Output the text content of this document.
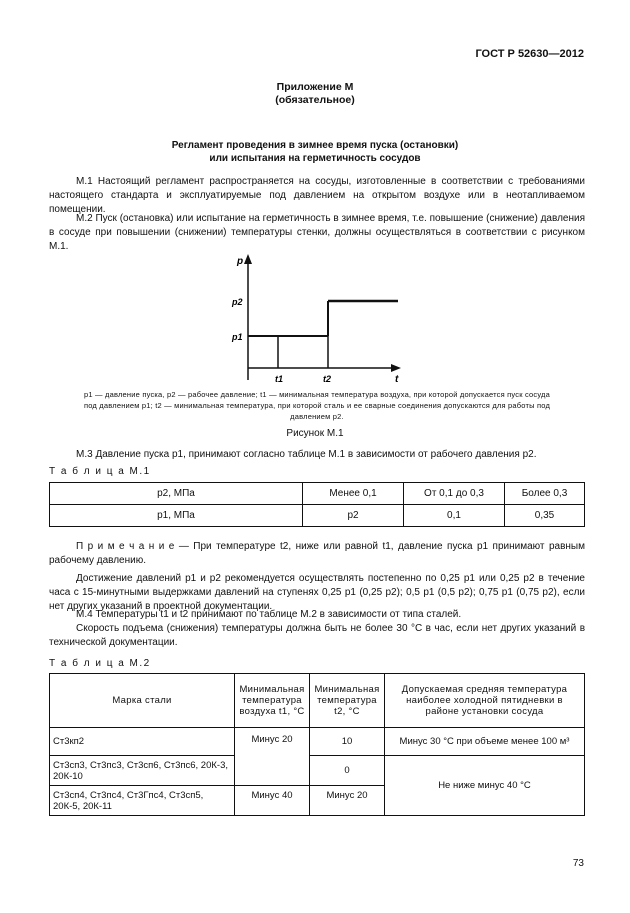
ГОСТ Р 52630—2012
Приложение М
(обязательное)
Регламент проведения в зимнее время пуска (остановки)
или испытания на герметичность сосудов
М.1 Настоящий регламент распространяется на сосуды, изготовленные в соответствии с требованиями настоящего стандарта и эксплуатируемые под давлением на открытом воздухе или в неотапливаемом помещении.
М.2 Пуск (остановка) или испытание на герметичность в зимнее время, т.е. повышение (снижение) давления в сосуде при повышении (снижении) температуры стенки, должны осуществляться в соответствии с рисунком М.1.
p
t
p2
p1
t1	t2
p1 — давление пуска, p2 — рабочее давление; t1 — минимальная температура воздуха, при которой допускается пуск сосуда
под давлением p1; t2 — минимальная температура, при которой сталь и ее сварные соединения допускаются для работы под
давлением p2.
Рисунок М.1
М.3 Давление пуска p1, принимают согласно таблице М.1 в зависимости от рабочего давления p2.
Т а б л и ц а М.1
p2, МПа	Менее 0,1	От 0,1 до 0,3	Более 0,3
p1, МПа	p2	0,1	0,35
П р и м е ч а н и е — При температуре t2, ниже или равной t1, давление пуска p1 принимают равным рабочему давлению.
Достижение давлений p1 и p2 рекомендуется осуществлять постепенно по 0,25 p1 или 0,25 p2 в течение часа с 15-минутными выдержками давлений на ступенях 0,25 p1 (0,25 p2); 0,5 p1 (0,5 p2); 0,75 p1 (0,75 p2), если нет других указаний в проектной документации.
М.4 Температуры t1 и t2 принимают по таблице М.2 в зависимости от типа сталей.
Скорость подъема (снижения) температуры должна быть не более 30 °С в час, если нет других указаний в технической документации.
Т а б л и ц а М.2
Марка стали	Минимальная температура воздуха t1, °С	Минимальная температура t2, °С	Допускаемая средняя температура наиболее холодной пятидневки в районе установки сосуда
Ст3кп2	Минус 20	10	Минус 30 °С при объеме менее 100 м³
Ст3сп3, Ст3пс3, Ст3сп6, Ст3пс6, 20К-3, 20К-10		0	Не ниже минус 40 °С
Ст3сп4, Ст3пс4, Ст3Гпс4, Ст3сп5, 20К-5, 20К-11	Минус 40	Минус 20	
73
